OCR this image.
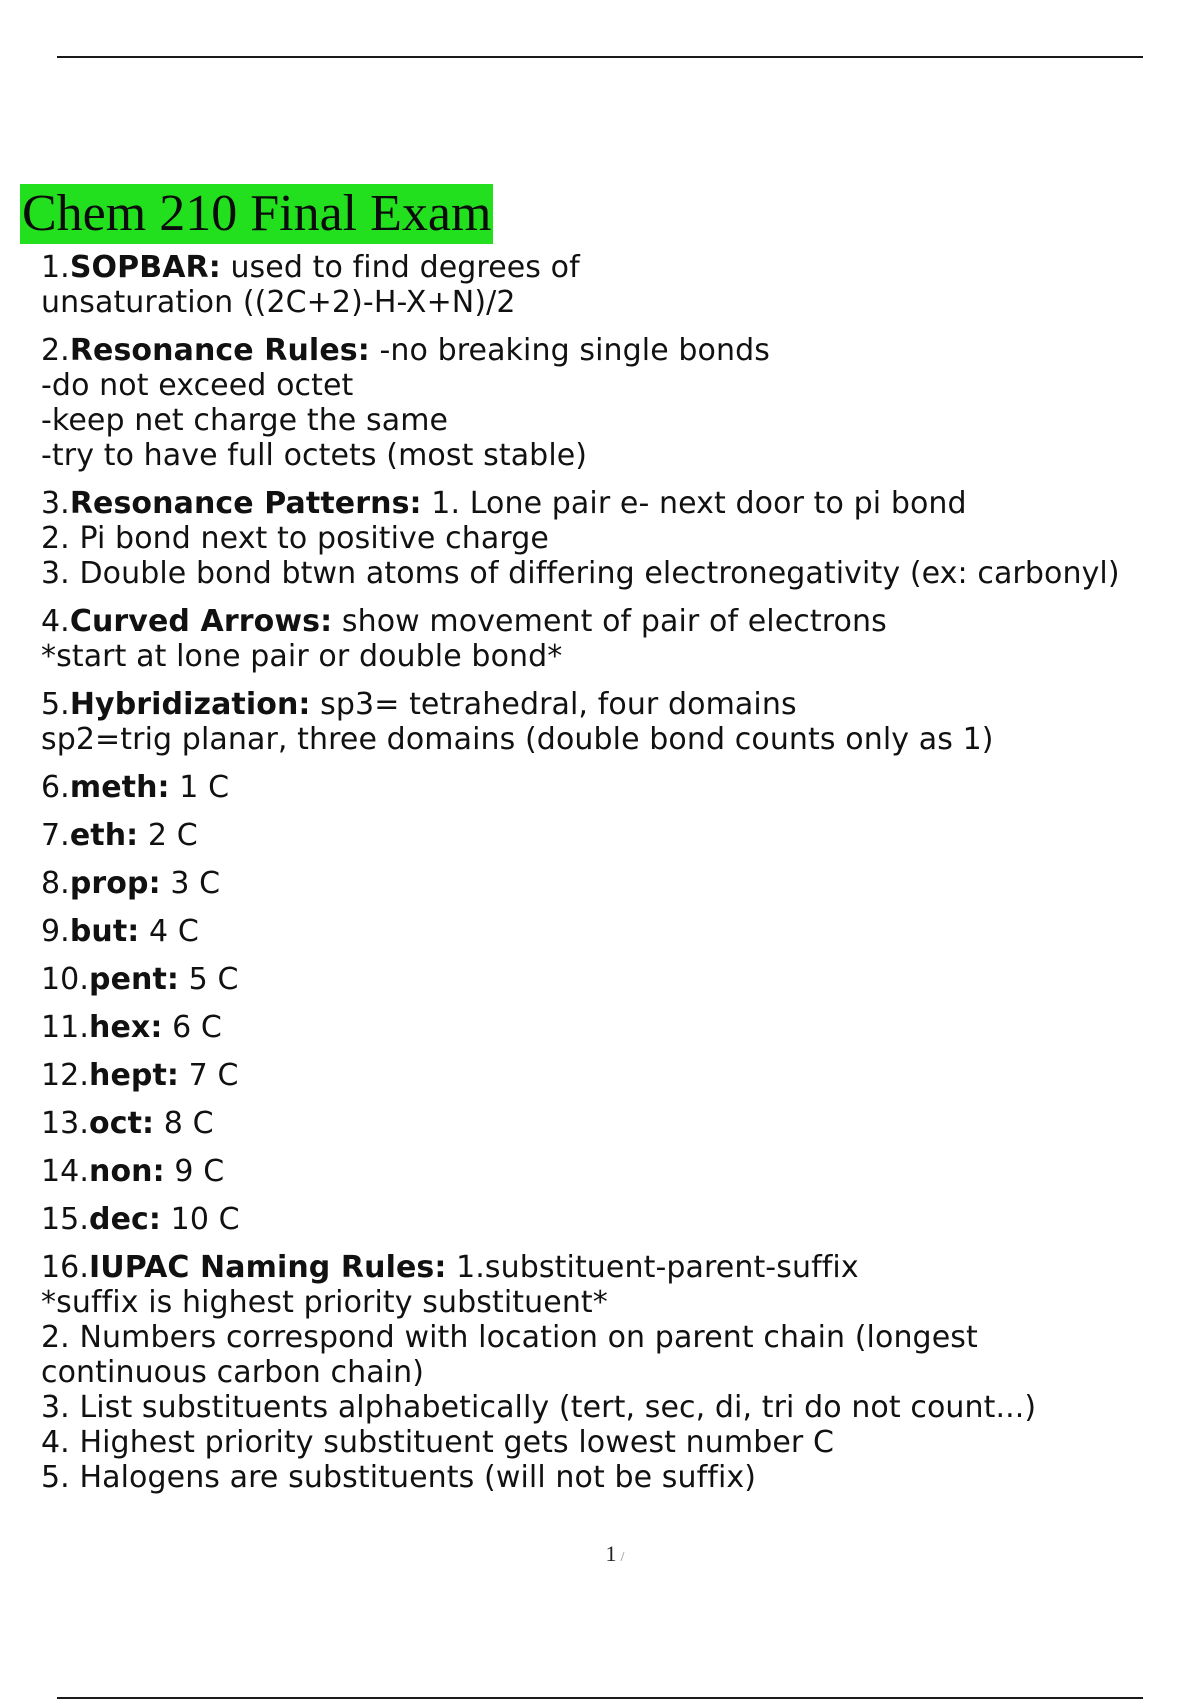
Chem 210 Final Exam
1.SOPBAR: used to find degrees of
unsaturation ((2C+2)-H-X+N)/2
2.Resonance Rules: -no breaking single bonds
-do not exceed octet
-keep net charge the same
-try to have full octets (most stable)
3.Resonance Patterns: 1. Lone pair e- next door to pi bond
2. Pi bond next to positive charge
3. Double bond btwn atoms of differing electronegativity (ex: carbonyl)
4.Curved Arrows: show movement of pair of electrons
*start at lone pair or double bond*
5.Hybridization: sp3= tetrahedral, four domains
sp2=trig planar, three domains (double bond counts only as 1)
6.meth: 1 C
7.eth: 2 C
8.prop: 3 C
9.but: 4 C
10.pent: 5 C
11.hex: 6 C
12.hept: 7 C
13.oct: 8 C
14.non: 9 C
15.dec: 10 C
16.IUPAC Naming Rules: 1.substituent-parent-suffix
*suffix is highest priority substituent*
2. Numbers correspond with location on parent chain (longest
continuous carbon chain)
3. List substituents alphabetically (tert, sec, di, tri do not count...)
4. Highest priority substituent gets lowest number C
5. Halogens are substituents (will not be suffix)
1 /
